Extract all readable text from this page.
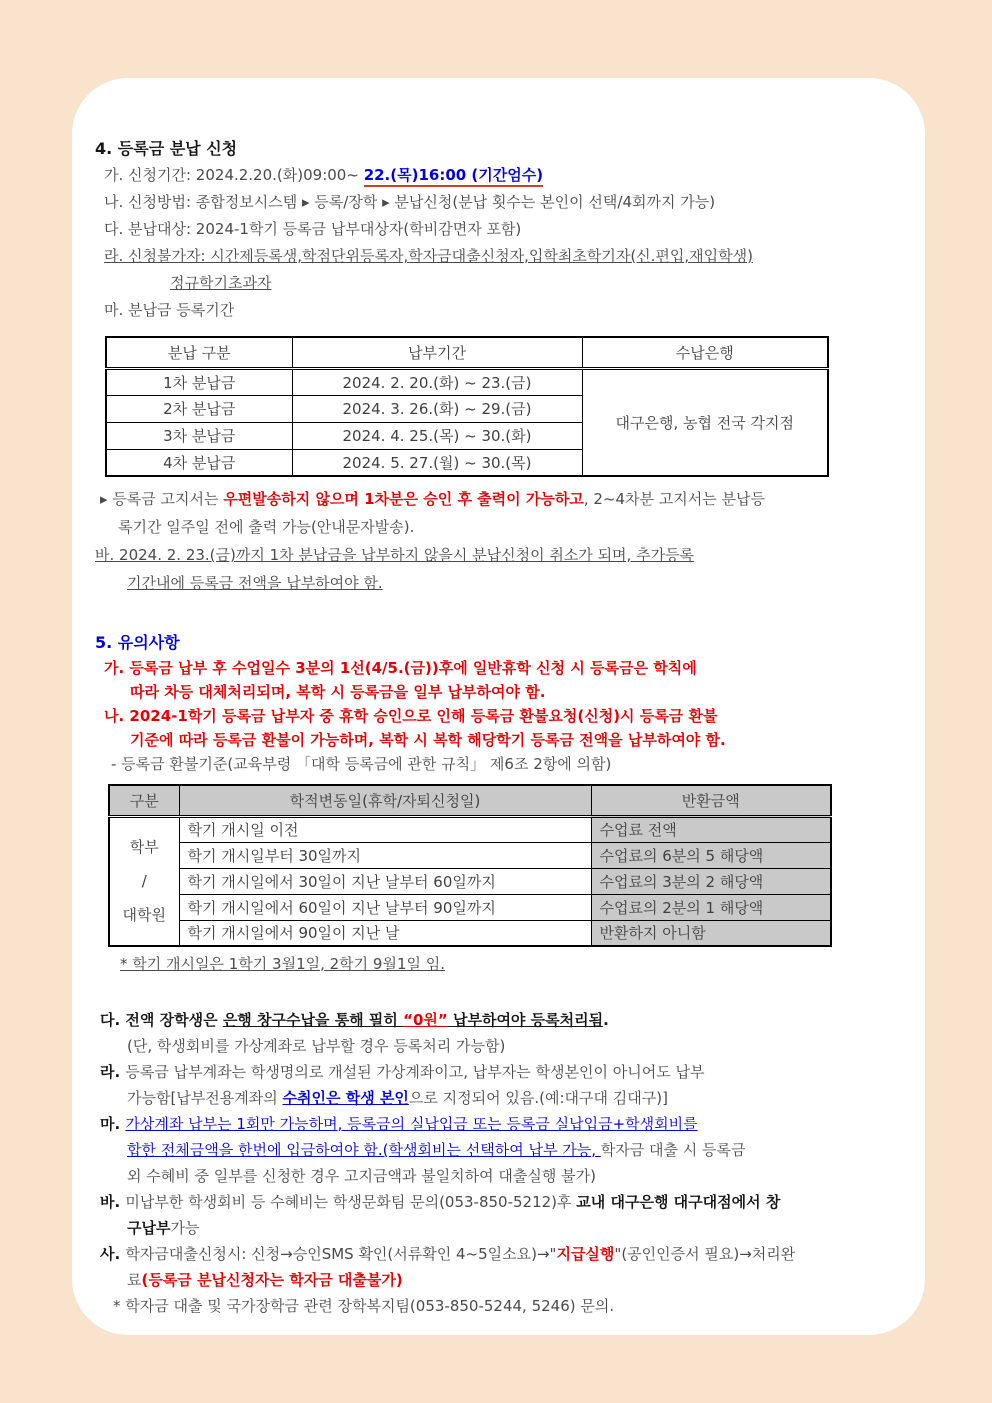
4. 등록금 분납 신청
가. 신청기간: 2024.2.20.(화)09:00~ 22.(목)16:00 (기간엄수)
나. 신청방법: 종합정보시스템 ▸ 등록/장학 ▸ 분납신청(분납 횟수는 본인이 선택/4회까지 가능)
다. 분납대상: 2024-1학기 등록금 납부대상자(학비감면자 포함)
라. 신청불가자: 시간제등록생,학점단위등록자,학자금대출신청자,입학최초학기자(신.편입,재입학생)
정규학기초과자
마. 분납금 등록기간
분납 구분	납부기간	수납은행
1차 분납금	2024. 2. 20.(화) ~ 23.(금)	대구은행, 농협 전국 각지점
2차 분납금	2024. 3. 26.(화) ~ 29.(금)	
3차 분납금	2024. 4. 25.(목) ~ 30.(화)	
4차 분납금	2024. 5. 27.(월) ~ 30.(목)	
▸ 등록금 고지서는 우편발송하지 않으며 1차분은 승인 후 출력이 가능하고, 2~4차분 고지서는 분납등
록기간 일주일 전에 출력 가능(안내문자발송).
바. 2024. 2. 23.(금)까지 1차 분납금을 납부하지 않을시 분납신청이 취소가 되며, 추가등록
기간내에 등록금 전액을 납부하여야 함.
5. 유의사항
가. 등록금 납부 후 수업일수 3분의 1선(4/5.(금))후에 일반휴학 신청 시 등록금은 학칙에
따라 차등 대체처리되며, 복학 시 등록금을 일부 납부하여야 함.
나. 2024-1학기 등록금 납부자 중 휴학 승인으로 인해 등록금 환불요청(신청)시 등록금 환불
기준에 따라 등록금 환불이 가능하며, 복학 시 복학 해당학기 등록금 전액을 납부하여야 함.
- 등록금 환불기준(교육부령 「대학 등록금에 관한 규칙」 제6조 2항에 의함)
구분	학적변동일(휴학/자퇴신청일)	반환금액

학부
/
대학원	학기 개시일 이전	수업료 전액
	학기 개시일부터 30일까지	수업료의 6분의 5 해당액
	학기 개시일에서 30일이 지난 날부터 60일까지	수업료의 3분의 2 해당액
	학기 개시일에서 60일이 지난 날부터 90일까지	수업료의 2분의 1 해당액
	학기 개시일에서 90일이 지난 날	반환하지 아니함
* 학기 개시일은 1학기 3월1일, 2학기 9월1일 임.
다. 전액 장학생은 은행 창구수납을 통해 필히 “0원” 납부하여야 등록처리됨.
(단, 학생회비를 가상계좌로 납부할 경우 등록처리 가능함)
라. 등록금 납부계좌는 학생명의로 개설된 가상계좌이고, 납부자는 학생본인이 아니어도 납부
가능함[납부전용계좌의 수취인은 학생 본인으로 지정되어 있음.(예:대구대 김대구)]
마. 가상계좌 납부는 1회만 가능하며, 등록금의 실납입금 또는 등록금 실납입금+학생회비를
합한 전체금액을 한번에 입금하여야 함.(학생회비는 선택하여 납부 가능, 학자금 대출 시 등록금
외 수혜비 중 일부를 신청한 경우 고지금액과 불일치하여 대출실행 불가)
바. 미납부한 학생회비 등 수혜비는 학생문화팀 문의(053-850-5212)후 교내 대구은행 대구대점에서 창
구납부가능
사. 학자금대출신청시: 신청→승인SMS 확인(서류확인 4~5일소요)→"지급실행"(공인인증서 필요)→처리완
료(등록금 분납신청자는 학자금 대출불가)
* 학자금 대출 및 국가장학금 관련 장학복지팀(053-850-5244, 5246) 문의.
